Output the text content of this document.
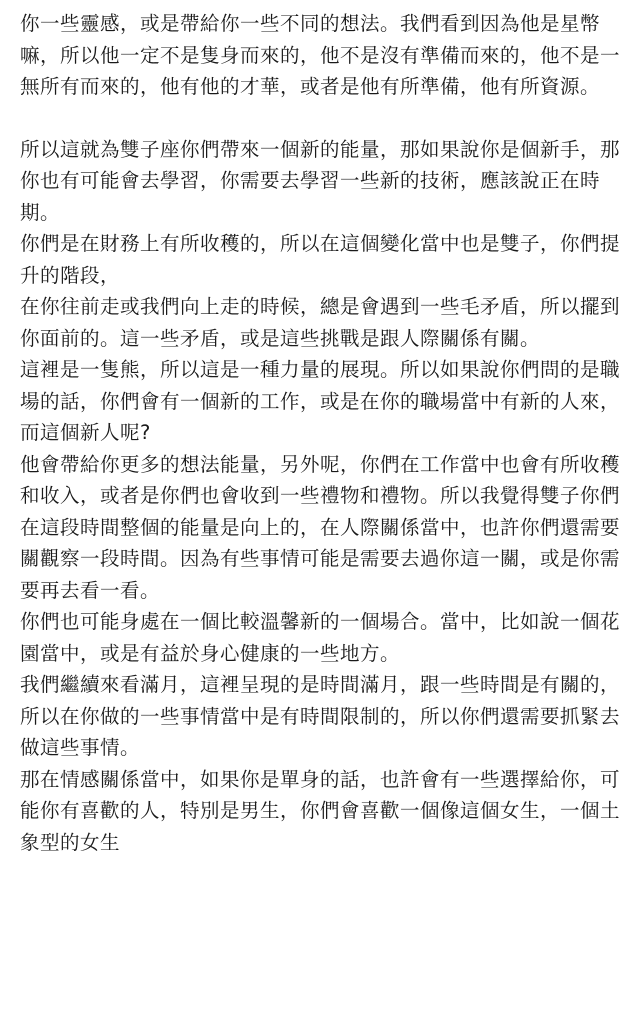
你一些靈感，或是帶給你一些不同的想法。我們看到因為他是星幣嘛，所以他一定不是隻身而來的，他不是沒有準備而來的，他不是一無所有而來的，他有他的才華，或者是他有所準備，他有所資源。

所以這就為雙子座你們帶來一個新的能量，那如果說你是個新手，那你也有可能會去學習，你需要去學習一些新的技術，應該說正在時期。

你們是在財務上有所收穫的，所以在這個變化當中也是雙子，你們提升的階段，

在你往前走或我們向上走的時候，總是會遇到一些毛矛盾，所以擺到你面前的。這一些矛盾，或是這些挑戰是跟人際關係有關。

這裡是一隻熊，所以這是一種力量的展現。所以如果說你們問的是職場的話，你們會有一個新的工作，或是在你的職場當中有新的人來，而這個新人呢?

他會帶給你更多的想法能量，另外呢，你們在工作當中也會有所收穫和收入，或者是你們也會收到一些禮物和禮物。所以我覺得雙子你們在這段時間整個的能量是向上的，在人際關係當中，也許你們還需要關觀察一段時間。因為有些事情可能是需要去過你這一關，或是你需要再去看一看。

你們也可能身處在一個比較溫馨新的一個場合。當中，比如說一個花園當中，或是有益於身心健康的一些地方。

我們繼續來看滿月，這裡呈現的是時間滿月，跟一些時間是有關的，所以在你做的一些事情當中是有時間限制的，所以你們還需要抓緊去做這些事情。

那在情感關係當中，如果你是單身的話，也許會有一些選擇給你，可能你有喜歡的人，特別是男生，你們會喜歡一個像這個女生，一個土象型的女生
